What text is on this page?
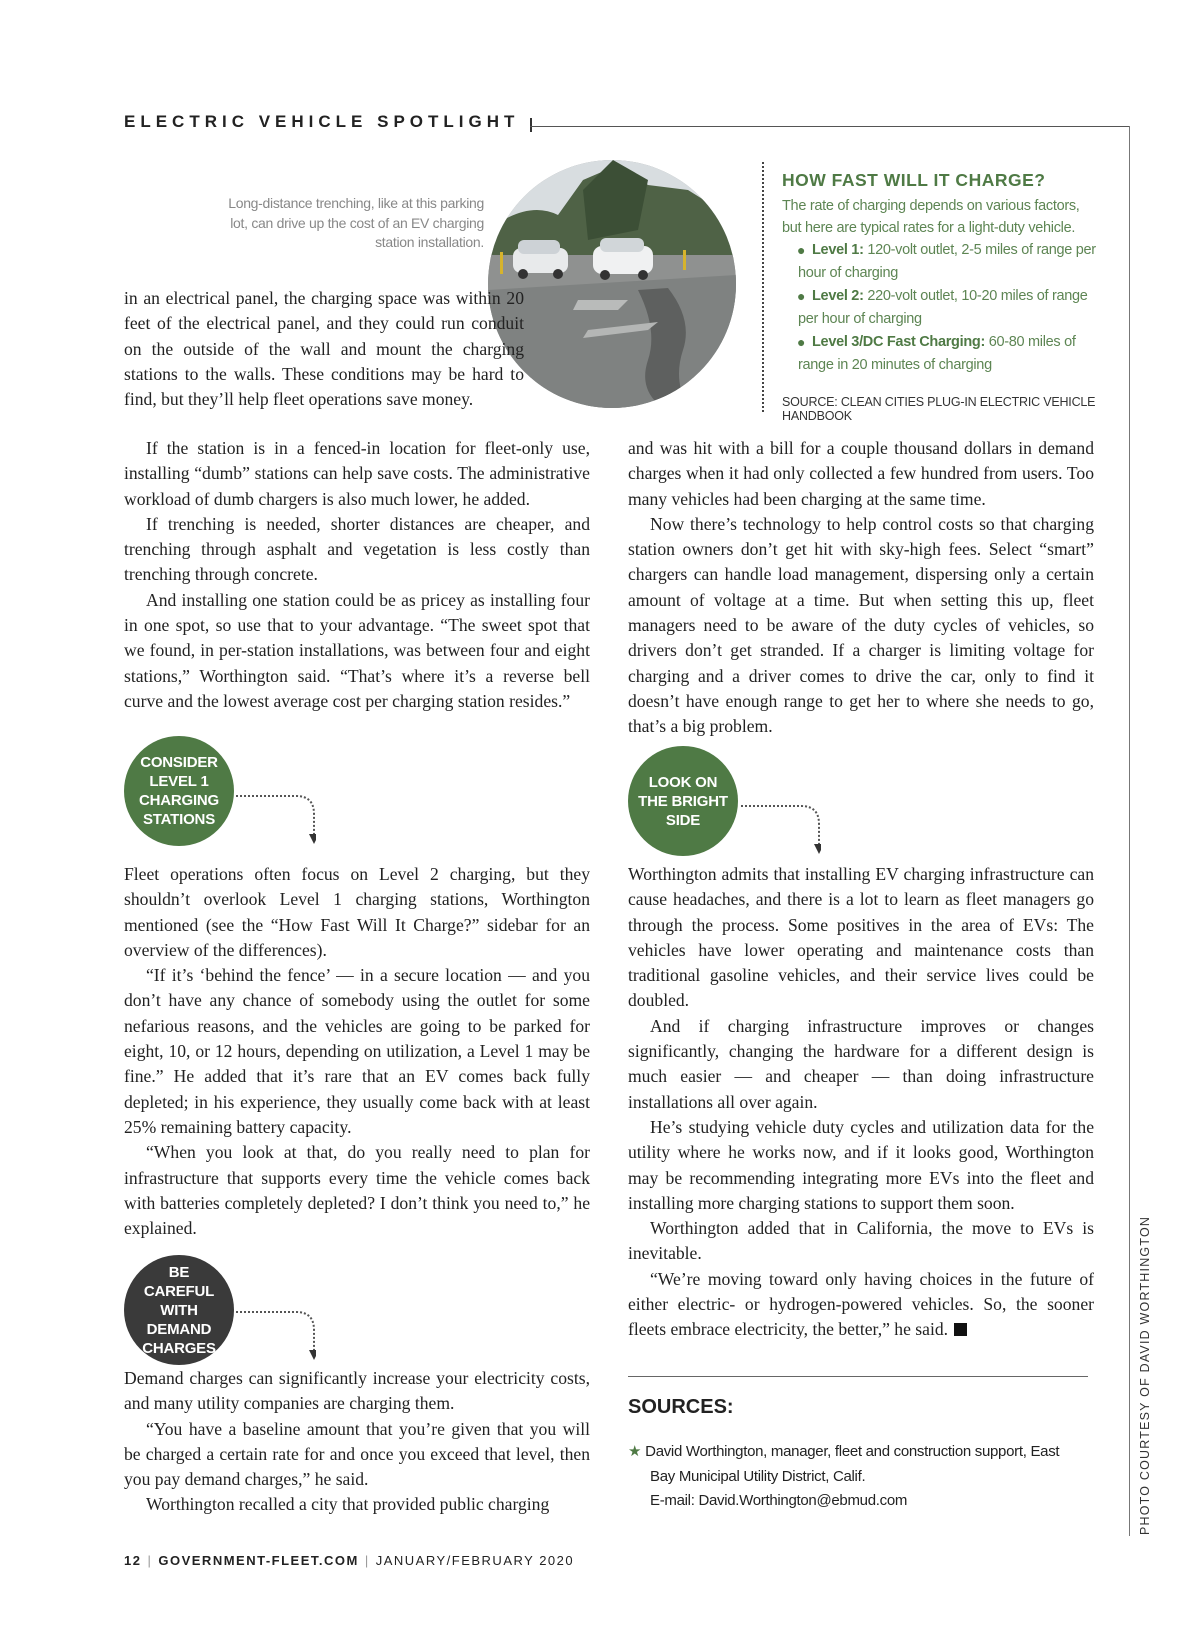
ELECTRIC VEHICLE SPOTLIGHT
PHOTO COURTESY OF DAVID WORTHINGTON
Long-distance trenching, like at this parking lot, can drive up the cost of an EV charging station installation.
HOW FAST WILL IT CHARGE?
The rate of charging depends on various factors, but here are typical rates for a light-duty vehicle.
● Level 1: 120-volt outlet, 2-5 miles of range per hour of charging
● Level 2: 220-volt outlet, 10-20 miles of range per hour of charging
● Level 3/DC Fast Charging: 60-80 miles of range in 20 minutes of charging
SOURCE: CLEAN CITIES PLUG-IN ELECTRIC VEHICLE HANDBOOK

in an electrical panel, the charging space was within 20 feet of the electrical panel, and they could run conduit on the outside of the wall and mount the charging stations to the walls. These conditions may be hard to find, but they’ll help fleet operations save money.

If the station is in a fenced-in location for fleet-only use, installing “dumb” stations can help save costs. The administrative workload of dumb chargers is also much lower, he added.

If trenching is needed, shorter distances are cheaper, and trenching through asphalt and vegetation is less costly than trenching through concrete.

And installing one station could be as pricey as installing four in one spot, so use that to your advantage. “The sweet spot that we found, in per-station installations, was between four and eight stations,” Worthington said. “That’s where it’s a reverse bell curve and the lowest average cost per charging station resides.”

and was hit with a bill for a couple thousand dollars in demand charges when it had only collected a few hundred from users. Too many vehicles had been charging at the same time.

Now there’s technology to help control costs so that charging station owners don’t get hit with sky-high fees. Select “smart” chargers can handle load management, dispersing only a certain amount of voltage at a time. But when setting this up, fleet managers need to be aware of the duty cycles of vehicles, so drivers don’t get stranded. If a charger is limiting voltage for charging and a driver comes to drive the car, only to find it doesn’t have enough range to get her to where she needs to go, that’s a big problem.

CONSIDER LEVEL 1 CHARGING STATIONS

Fleet operations often focus on Level 2 charging, but they shouldn’t overlook Level 1 charging stations, Worthington mentioned (see the “How Fast Will It Charge?” sidebar for an overview of the differences).

“If it’s ‘behind the fence’ — in a secure location — and you don’t have any chance of somebody using the outlet for some nefarious reasons, and the vehicles are going to be parked for eight, 10, or 12 hours, depending on utilization, a Level 1 may be fine.” He added that it’s rare that an EV comes back fully depleted; in his experience, they usually come back with at least 25% remaining battery capacity.

“When you look at that, do you really need to plan for infrastructure that supports every time the vehicle comes back with batteries completely depleted? I don’t think you need to,” he explained.

BE CAREFUL WITH DEMAND CHARGES

Demand charges can significantly increase your electricity costs, and many utility companies are charging them.

“You have a baseline amount that you’re given that you will be charged a certain rate for and once you exceed that level, then you pay demand charges,” he said.

Worthington recalled a city that provided public charging

LOOK ON THE BRIGHT SIDE

Worthington admits that installing EV charging infrastructure can cause headaches, and there is a lot to learn as fleet managers go through the process. Some positives in the area of EVs: The vehicles have lower operating and maintenance costs than traditional gasoline vehicles, and their service lives could be doubled.

And if charging infrastructure improves or changes significantly, changing the hardware for a different design is much easier — and cheaper — than doing infrastructure installations all over again.

He’s studying vehicle duty cycles and utilization data for the utility where he works now, and if it looks good, Worthington may be recommending integrating more EVs into the fleet and installing more charging stations to support them soon.

Worthington added that in California, the move to EVs is inevitable.

“We’re moving toward only having choices in the future of either electric- or hydrogen-powered vehicles. So, the sooner fleets embrace electricity, the better,” he said.

SOURCES:
★ David Worthington, manager, fleet and construction support, East
Bay Municipal Utility District, Calif.
E-mail: David.Worthington@ebmud.com
12 | GOVERNMENT-FLEET.COM | JANUARY/FEBRUARY 2020
